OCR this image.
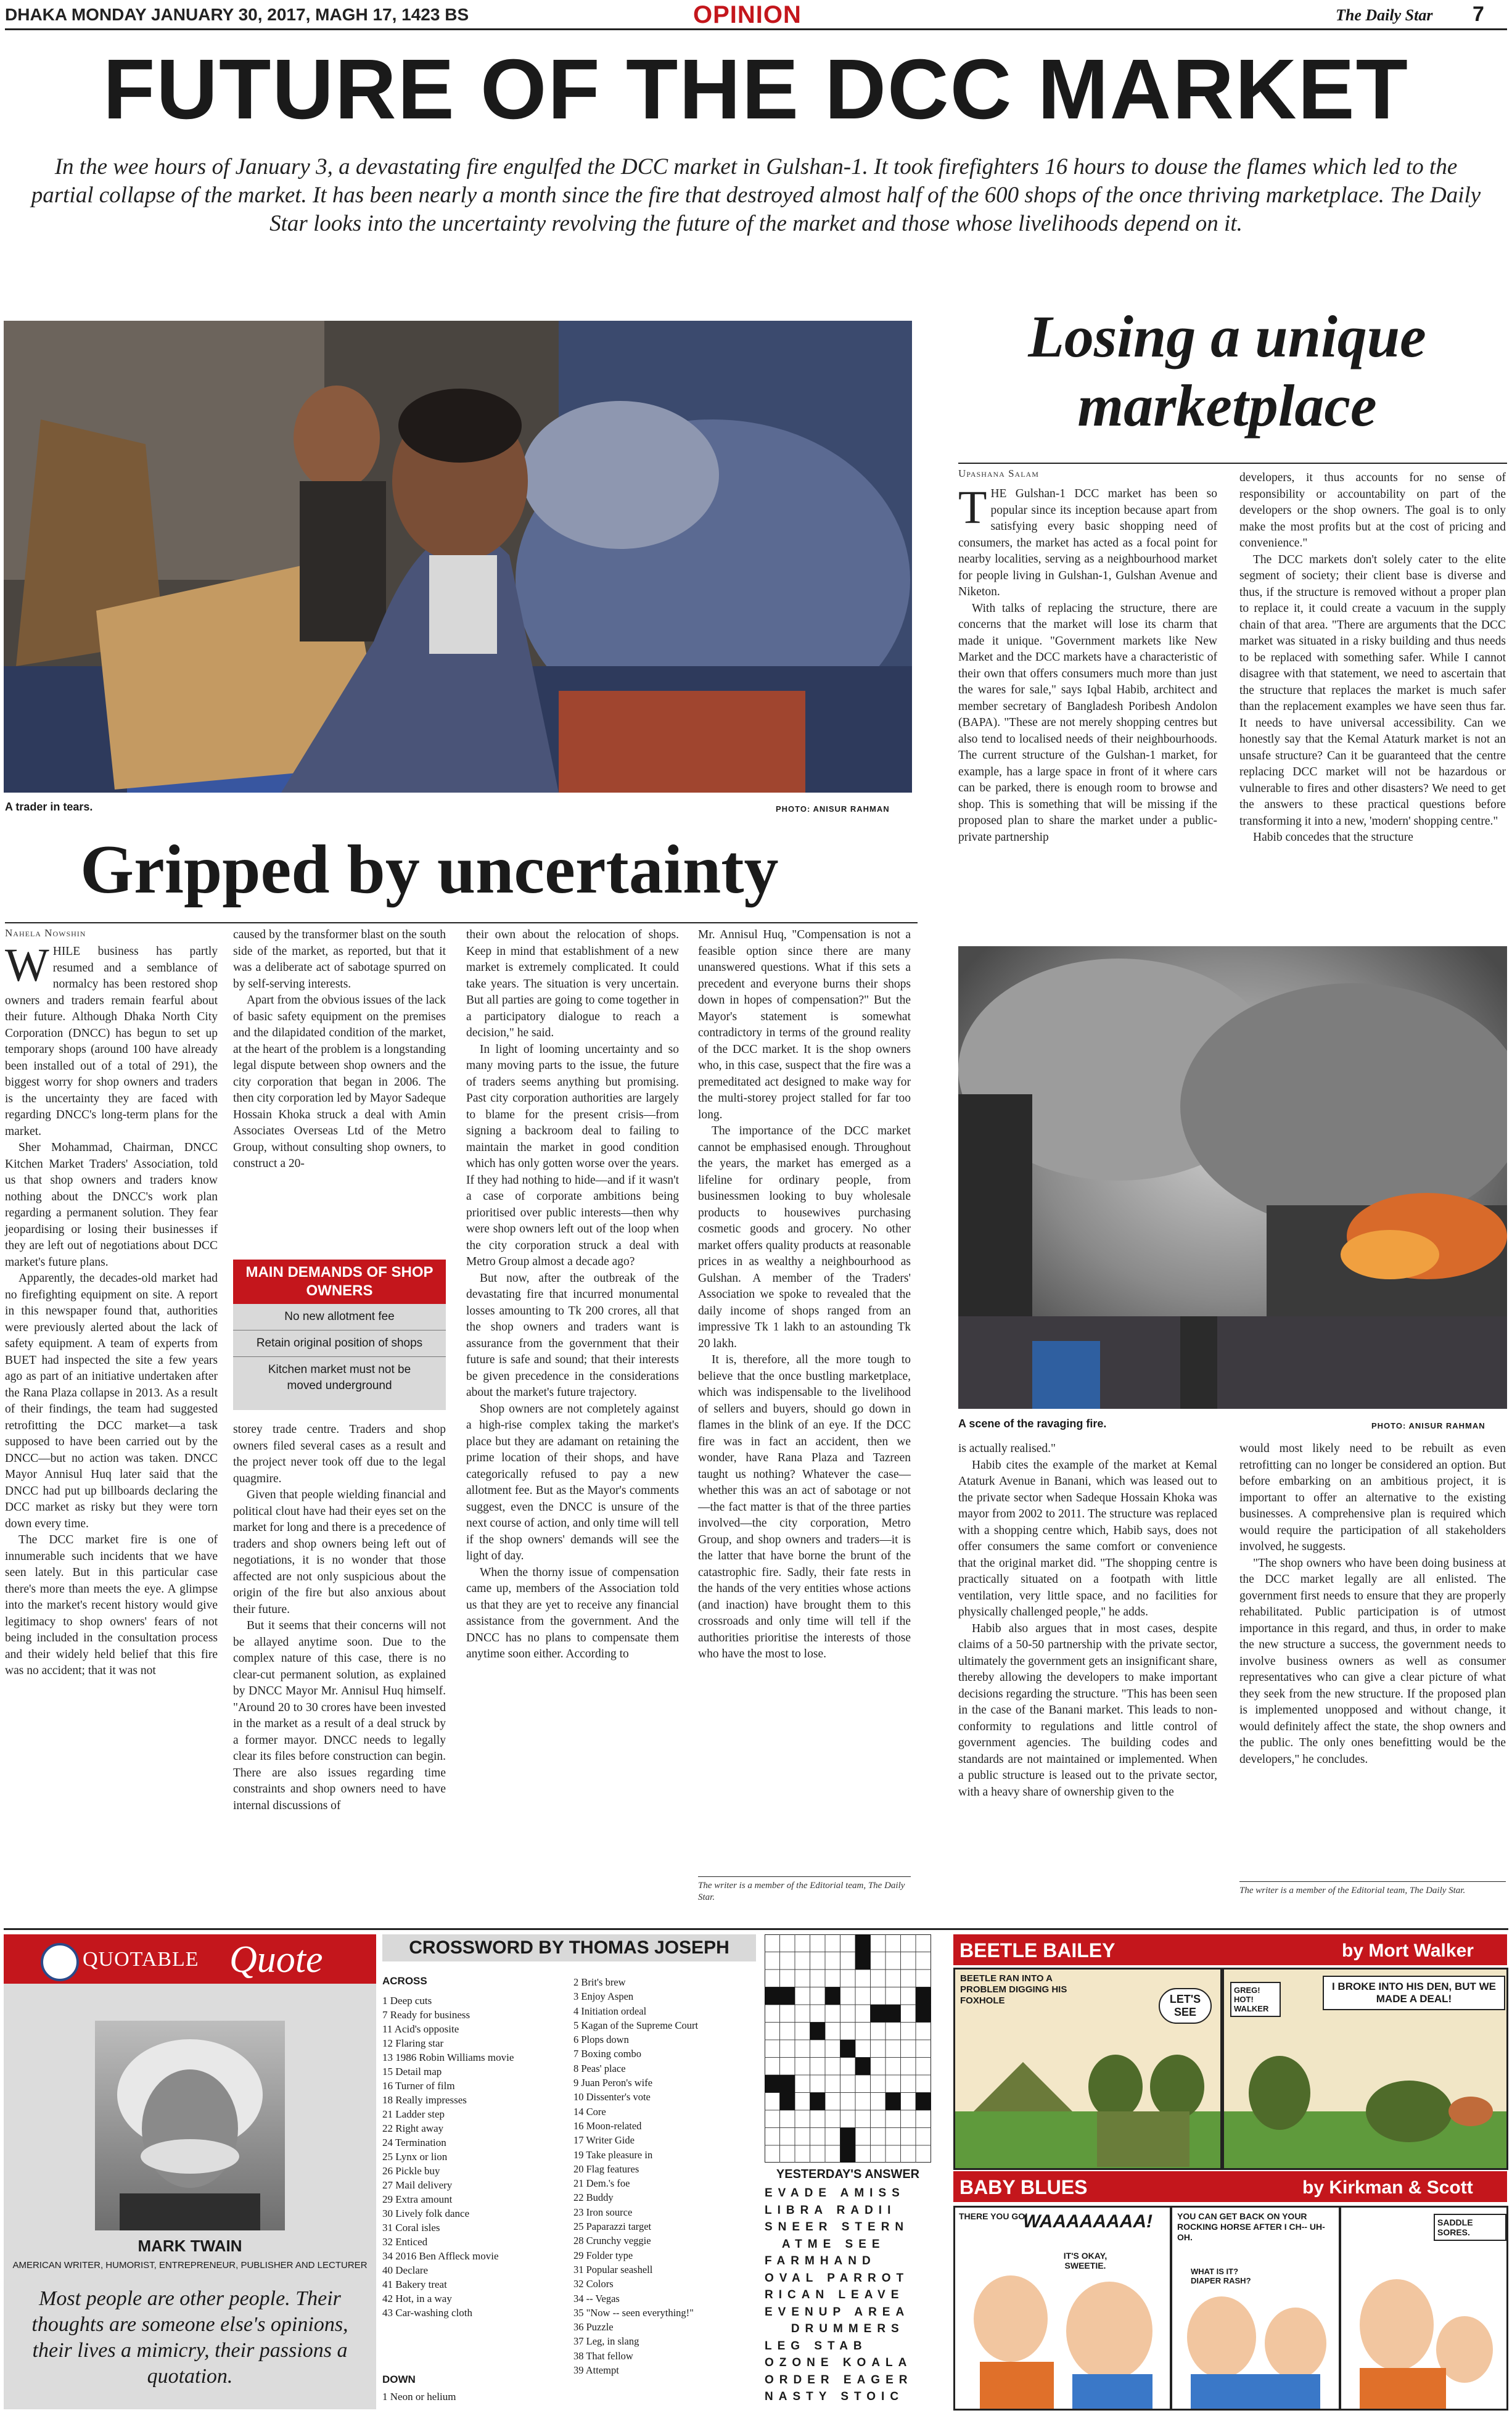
DHAKA MONDAY JANUARY 30, 2017, MAGH 17, 1423 BS	OPINION	The Daily Star 7
FUTURE OF THE DCC MARKET
In the wee hours of January 3, a devastating fire engulfed the DCC market in Gulshan-1. It took firefighters 16 hours to douse the flames which led to the partial collapse of the market. It has been nearly a month since the fire that destroyed almost half of the 600 shops of the once thriving marketplace. The Daily Star looks into the uncertainty revolving the future of the market and those whose livelihoods depend on it.
A trader in tears.	PHOTO: ANISUR RAHMAN
Gripped by uncertainty
Nahela Nowshin

WHILE business has partly resumed and a semblance of normalcy has been restored shop owners and traders remain fearful about their future. Although Dhaka North City Corporation (DNCC) has begun to set up temporary shops (around 100 have already been installed out of a total of 291), the biggest worry for shop owners and traders is the uncertainty they are faced with regarding DNCC's long-term plans for the market.

Sher Mohammad, Chairman, DNCC Kitchen Market Traders' Association, told us that shop owners and traders know nothing about the DNCC's work plan regarding a permanent solution. They fear jeopardising or losing their businesses if they are left out of negotiations about DCC market's future plans.

Apparently, the decades-old market had no firefighting equipment on site. A report in this newspaper found that, authorities were previously alerted about the lack of safety equipment. A team of experts from BUET had inspected the site a few years ago as part of an initiative undertaken after the Rana Plaza collapse in 2013. As a result of their findings, the team had suggested retrofitting the DCC market—a task supposed to have been carried out by the DNCC—but no action was taken. DNCC Mayor Annisul Huq later said that the DNCC had put up billboards declaring the DCC market as risky but they were torn down every time.

The DCC market fire is one of innumerable such incidents that we have seen lately. But in this particular case there's more than meets the eye. A glimpse into the market's recent history would give legitimacy to shop owners' fears of not being included in the consultation process and their widely held belief that this fire was no accident; that it was not

caused by the transformer blast on the south side of the market, as reported, but that it was a deliberate act of sabotage spurred on by self-serving interests.

Apart from the obvious issues of the lack of basic safety equipment on the premises and the dilapidated condition of the market, at the heart of the problem is a longstanding legal dispute between shop owners and the city corporation that began in 2006. The then city corporation led by Mayor Sadeque Hossain Khoka struck a deal with Amin Associates Overseas Ltd of the Metro Group, without consulting shop owners, to construct a 20-

MAIN DEMANDS OF SHOP OWNERS
No new allotment fee
Retain original position of shops
Kitchen market must not be moved underground

storey trade centre. Traders and shop owners filed several cases as a result and the project never took off due to the legal quagmire.

Given that people wielding financial and political clout have had their eyes set on the market for long and there is a precedence of traders and shop owners being left out of negotiations, it is no wonder that those affected are not only suspicious about the origin of the fire but also anxious about their future.

But it seems that their concerns will not be allayed anytime soon. Due to the complex nature of this case, there is no clear-cut permanent solution, as explained by DNCC Mayor Mr. Annisul Huq himself. "Around 20 to 30 crores have been invested in the market as a result of a deal struck by a former mayor. DNCC needs to legally clear its files before construction can begin. There are also issues regarding time constraints and shop owners need to have internal discussions of

their own about the relocation of shops. Keep in mind that establishment of a new market is extremely complicated. It could take years. The situation is very uncertain. But all parties are going to come together in a participatory dialogue to reach a decision," he said.

In light of looming uncertainty and so many moving parts to the issue, the future of traders seems anything but promising. Past city corporation authorities are largely to blame for the present crisis—from signing a backroom deal to failing to maintain the market in good condition which has only gotten worse over the years. If they had nothing to hide—and if it wasn't a case of corporate ambitions being prioritised over public interests—then why were shop owners left out of the loop when the city corporation struck a deal with Metro Group almost a decade ago?

But now, after the outbreak of the devastating fire that incurred monumental losses amounting to Tk 200 crores, all that the shop owners and traders want is assurance from the government that their future is safe and sound; that their interests be given precedence in the considerations about the market's future trajectory.

Shop owners are not completely against a high-rise complex taking the market's place but they are adamant on retaining the prime location of their shops, and have categorically refused to pay a new allotment fee. But as the Mayor's comments suggest, even the DNCC is unsure of the next course of action, and only time will tell if the shop owners' demands will see the light of day.

When the thorny issue of compensation came up, members of the Association told us that they are yet to receive any financial assistance from the government. And the DNCC has no plans to compensate them anytime soon either. According to

Mr. Annisul Huq, "Compensation is not a feasible option since there are many unanswered questions. What if this sets a precedent and everyone burns their shops down in hopes of compensation?" But the Mayor's statement is somewhat contradictory in terms of the ground reality of the DCC market. It is the shop owners who, in this case, suspect that the fire was a premeditated act designed to make way for the multi-storey project stalled for far too long.

The importance of the DCC market cannot be emphasised enough. Throughout the years, the market has emerged as a lifeline for ordinary people, from businessmen looking to buy wholesale products to housewives purchasing cosmetic goods and grocery. No other market offers quality products at reasonable prices in as wealthy a neighbourhood as Gulshan. A member of the Traders' Association we spoke to revealed that the daily income of shops ranged from an impressive Tk 1 lakh to an astounding Tk 20 lakh.

It is, therefore, all the more tough to believe that the once bustling marketplace, which was indispensable to the livelihood of sellers and buyers, should go down in flames in the blink of an eye. If the DCC fire was in fact an accident, then we wonder, have Rana Plaza and Tazreen taught us nothing? Whatever the case—whether this was an act of sabotage or not—the fact matter is that of the three parties involved—the city corporation, Metro Group, and shop owners and traders—it is the latter that have borne the brunt of the catastrophic fire. Sadly, their fate rests in the hands of the very entities whose actions (and inaction) have brought them to this crossroads and only time will tell if the authorities prioritise the interests of those who have the most to lose.

The writer is a member of the Editorial team, The Daily Star.
Losing a unique
marketplace
Upashana Salam

THE Gulshan-1 DCC market has been so popular since its inception because apart from satisfying every basic shopping need of consumers, the market has acted as a focal point for nearby localities, serving as a neighbourhood market for people living in Gulshan-1, Gulshan Avenue and Niketon.

With talks of replacing the structure, there are concerns that the market will lose its charm that made it unique. "Government markets like New Market and the DCC markets have a characteristic of their own that offers consumers much more than just the wares for sale," says Iqbal Habib, architect and member secretary of Bangladesh Poribesh Andolon (BAPA). "These are not merely shopping centres but also tend to localised needs of their neighbourhoods. The current structure of the Gulshan-1 market, for example, has a large space in front of it where cars can be parked, there is enough room to browse and shop. This is something that will be missing if the proposed plan to share the market under a public-private partnership

developers, it thus accounts for no sense of responsibility or accountability on part of the developers or the shop owners. The goal is to only make the most profits but at the cost of pricing and convenience."

The DCC markets don't solely cater to the elite segment of society; their client base is diverse and thus, if the structure is removed without a proper plan to replace it, it could create a vacuum in the supply chain of that area. "There are arguments that the DCC market was situated in a risky building and thus needs to be replaced with something safer. While I cannot disagree with that statement, we need to ascertain that the structure that replaces the market is much safer than the replacement examples we have seen thus far. It needs to have universal accessibility. Can we honestly say that the Kemal Ataturk market is not an unsafe structure? Can it be guaranteed that the centre replacing DCC market will not be hazardous or vulnerable to fires and other disasters? We need to get the answers to these practical questions before transforming it into a new, 'modern' shopping centre."

Habib concedes that the structure

A scene of the ravaging fire.	PHOTO: ANISUR RAHMAN

is actually realised."

Habib cites the example of the market at Kemal Ataturk Avenue in Banani, which was leased out to the private sector when Sadeque Hossain Khoka was mayor from 2002 to 2011. The structure was replaced with a shopping centre which, Habib says, does not offer consumers the same comfort or convenience that the original market did. "The shopping centre is practically situated on a footpath with little ventilation, very little space, and no facilities for physically challenged people," he adds.

Habib also argues that in most cases, despite claims of a 50-50 partnership with the private sector, ultimately the government gets an insignificant share, thereby allowing the developers to make important decisions regarding the structure. "This has been seen in the case of the Banani market. This leads to non-conformity to regulations and little control of government agencies. The building codes and standards are not maintained or implemented. When a public structure is leased out to the private sector, with a heavy share of ownership given to the

would most likely need to be rebuilt as even retrofitting can no longer be considered an option. But before embarking on an ambitious project, it is important to offer an alternative to the existing businesses. A comprehensive plan is required which would require the participation of all stakeholders involved, he suggests.

"The shop owners who have been doing business at the DCC market legally are all enlisted. The government first needs to ensure that they are properly rehabilitated. Public participation is of utmost importance in this regard, and thus, in order to make the new structure a success, the government needs to involve business owners as well as consumer representatives who can give a clear picture of what they seek from the new structure. If the proposed plan is implemented unopposed and without change, it would definitely affect the state, the shop owners and the public. The only ones benefitting would be the developers," he concludes.

The writer is a member of the Editorial team, The Daily Star.
QUOTABLE Quote
MARK TWAIN
AMERICAN WRITER, HUMORIST, ENTREPRENEUR, PUBLISHER AND LECTURER
Most people are other people. Their thoughts are someone else's opinions, their lives a mimicry, their passions a quotation.
CROSSWORD BY THOMAS JOSEPH
ACROSS
1 Deep cuts
7 Ready for business
11 Acid's opposite
12 Flaring star
13 1986 Robin Williams movie
15 Detail map
16 Turner of film
18 Really impresses
21 Ladder step
22 Right away
24 Termination
25 Lynx or lion
26 Pickle buy
27 Mail delivery
29 Extra amount
30 Lively folk dance
31 Coral isles
32 Enticed
34 2016 Ben Affleck movie
40 Declare
41 Bakery treat
42 Hot, in a way
43 Car-washing cloth
DOWN
1 Neon or helium
2 Brit's brew
3 Enjoy Aspen
4 Initiation ordeal
5 Kagan of the Supreme Court
6 Plops down
7 Boxing combo
8 Peas' place
9 Juan Peron's wife
10 Dissenter's vote
14 Core
16 Moon-related
17 Writer Gide
19 Take pleasure in
20 Flag features
21 Dem.'s foe
22 Buddy
23 Iron source
25 Paparazzi target
28 Crunchy veggie
29 Folder type
31 Popular seashell
32 Colors
34 -- Vegas
35 "Now -- seen everything!"
36 Puzzle
37 Leg, in slang
38 That fellow
39 Attempt
YESTERDAY'S ANSWER
EVADE AMISS
LIBRA RADII
SNEER STERN
ATME SEE
FARMHAND
OVAL PARROT
RICAN LEAVE
EVENUP AREA
DRUMMERS
LEG STAB
OZONE KOALA
ORDER EAGER
NASTY STOIC
BEETLE BAILEY	by Mort Walker
BEETLE RAN INTO A PROBLEM DIGGING HIS FOXHOLE	LET'S SEE
GREG! HOT! WALKER
I BROKE INTO HIS DEN, BUT WE MADE A DEAL!
BABY BLUES	by Kirkman & Scott
THERE YOU GO!
WAAAAAAAA!
IT'S OKAY, SWEETIE.
YOU CAN GET BACK ON YOUR ROCKING HORSE AFTER I CH-- UH-OH.
WHAT IS IT? DIAPER RASH?
SADDLE SORES.
